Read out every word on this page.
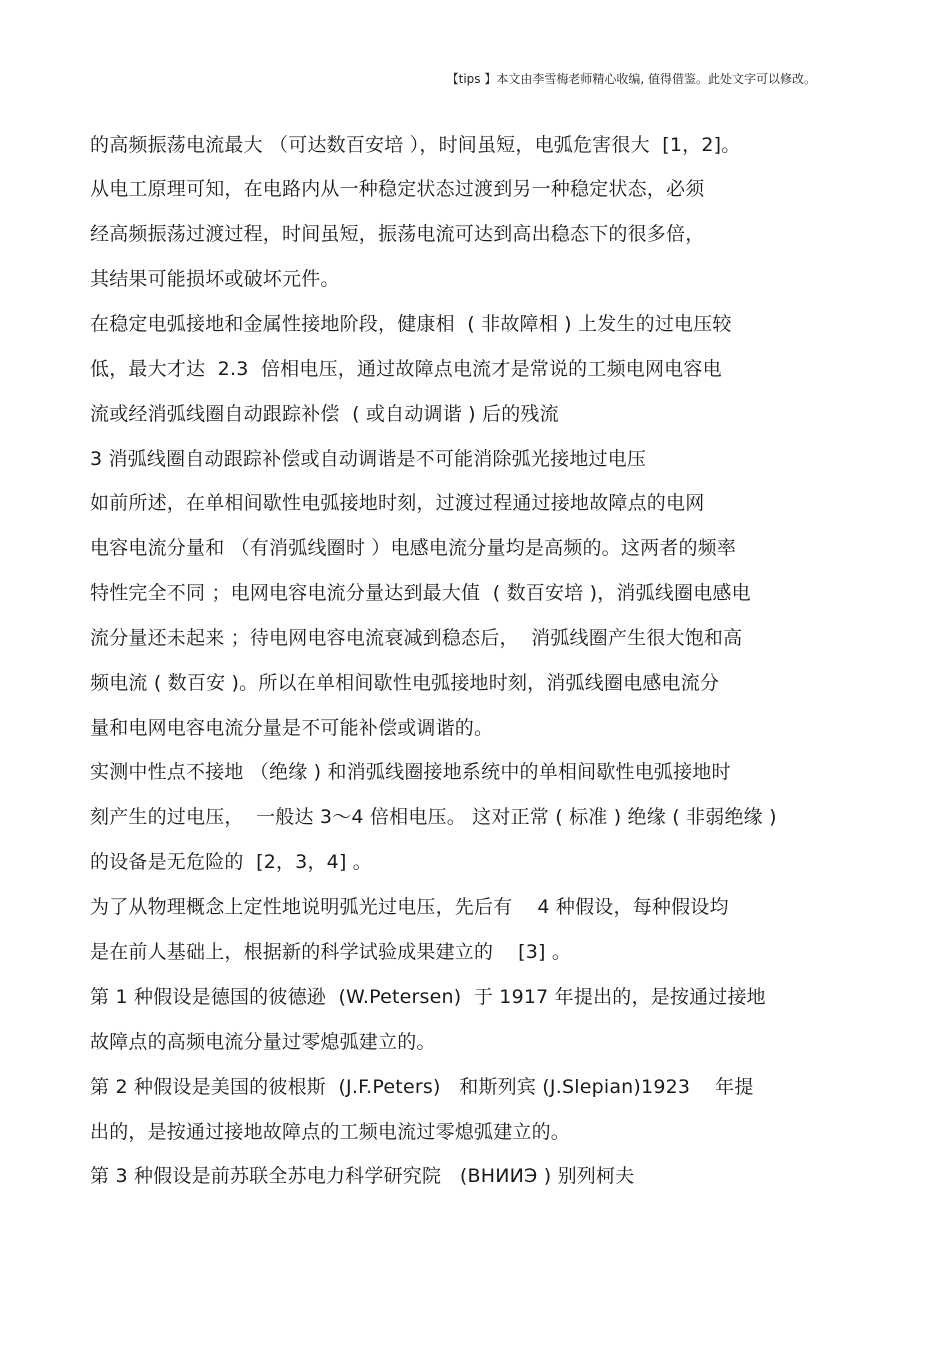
【tips 】本文由李雪梅老师精心收编, 值得借鉴。此处文字可以修改。
的高频振荡电流最大 （可达数百安培 ），时间虽短，电弧危害很大  [1，2]。
从电工原理可知，在电路内从一种稳定状态过渡到另一种稳定状态，必须
经高频振荡过渡过程，时间虽短，振荡电流可达到高出稳态下的很多倍，
其结果可能损坏或破坏元件。
在稳定电弧接地和金属性接地阶段，健康相  ( 非故障相 ) 上发生的过电压较
低，最大才达  2.3  倍相电压，通过故障点电流才是常说的工频电网电容电
流或经消弧线圈自动跟踪补偿  ( 或自动调谐 ) 后的残流
3 消弧线圈自动跟踪补偿或自动调谐是不可能消除弧光接地过电压
如前所述，在单相间歇性电弧接地时刻，过渡过程通过接地故障点的电网
电容电流分量和 （有消弧线圈时 ）电感电流分量均是高频的。这两者的频率
特性完全不同 ；电网电容电流分量达到最大值  ( 数百安培 )，消弧线圈电感电
流分量还未起来 ；待电网电容电流衰减到稳态后，  消弧线圈产生很大饱和高
频电流 ( 数百安 )。所以在单相间歇性电弧接地时刻，消弧线圈电感电流分
量和电网电容电流分量是不可能补偿或调谐的。
实测中性点不接地 （绝缘 ) 和消弧线圈接地系统中的单相间歇性电弧接地时
刻产生的过电压，  一般达 3～4 倍相电压。 这对正常 ( 标准 ) 绝缘 ( 非弱绝缘 )
的设备是无危险的  [2，3，4] 。
为了从物理概念上定性地说明弧光过电压，先后有    4 种假设，每种假设均
是在前人基础上，根据新的科学试验成果建立的    [3] 。
第 1 种假设是德国的彼德逊  (W.Petersen)  于 1917 年提出的，是按通过接地
故障点的高频电流分量过零熄弧建立的。
第 2 种假设是美国的彼根斯  (J.F.Peters)   和斯列宾 (J.Slepian)1923    年提
出的，是按通过接地故障点的工频电流过零熄弧建立的。
第 3 种假设是前苏联全苏电力科学研究院   (ВНИИЭ ) 别列柯夫
